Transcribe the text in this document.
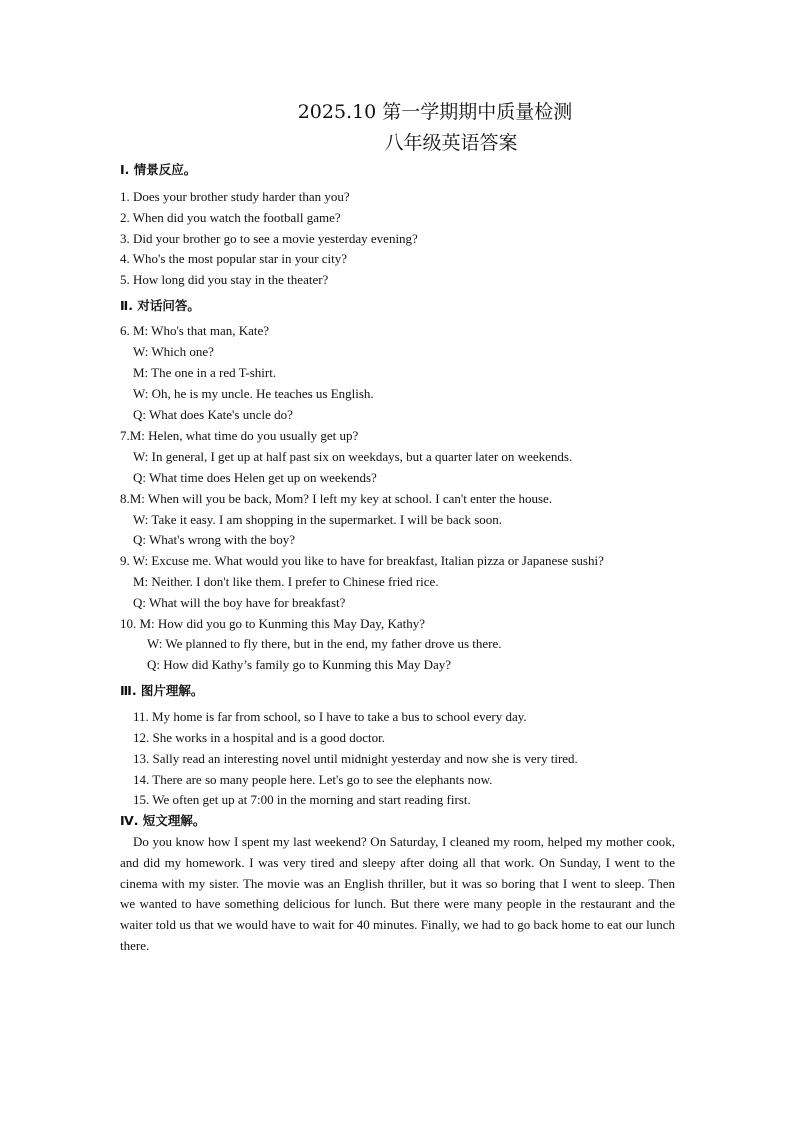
2025.10 第一学期期中质量检测
八年级英语答案
Ⅰ. 情景反应。
1. Does your brother study harder than you?
2. When did you watch the football game?
3. Did your brother go to see a movie yesterday evening?
4. Who's the most popular star in your city?
5. How long did you stay in the theater?
Ⅱ. 对话问答。
6. M: Who's that man, Kate?
W: Which one?
M: The one in a red T-shirt.
W: Oh, he is my uncle. He teaches us English.
Q: What does Kate's uncle do?
7.M: Helen, what time do you usually get up?
W: In general, I get up at half past six on weekdays, but a quarter later on weekends.
Q: What time does Helen get up on weekends?
8.M: When will you be back, Mom? I left my key at school. I can't enter the house.
W: Take it easy. I am shopping in the supermarket. I will be back soon.
Q: What's wrong with the boy?
9. W: Excuse me. What would you like to have for breakfast, Italian pizza or Japanese sushi?
M: Neither. I don't like them. I prefer to Chinese fried rice.
Q: What will the boy have for breakfast?
10. M: How did you go to Kunming this May Day, Kathy?
W: We planned to fly there, but in the end, my father drove us there.
Q: How did Kathy’s family go to Kunming this May Day?
Ⅲ. 图片理解。
11. My home is far from school, so I have to take a bus to school every day.
12. She works in a hospital and is a good doctor.
13. Sally read an interesting novel until midnight yesterday and now she is very tired.
14. There are so many people here. Let's go to see the elephants now.
15. We often get up at 7:00 in the morning and start reading first.
Ⅳ. 短文理解。
Do you know how I spent my last weekend? On Saturday, I cleaned my room, helped my mother cook, and did my homework. I was very tired and sleepy after doing all that work. On Sunday, I went to the cinema with my sister. The movie was an English thriller, but it was so boring that I went to sleep. Then we wanted to have something delicious for lunch. But there were many people in the restaurant and the waiter told us that we would have to wait for 40 minutes. Finally, we had to go back home to eat our lunch there.
